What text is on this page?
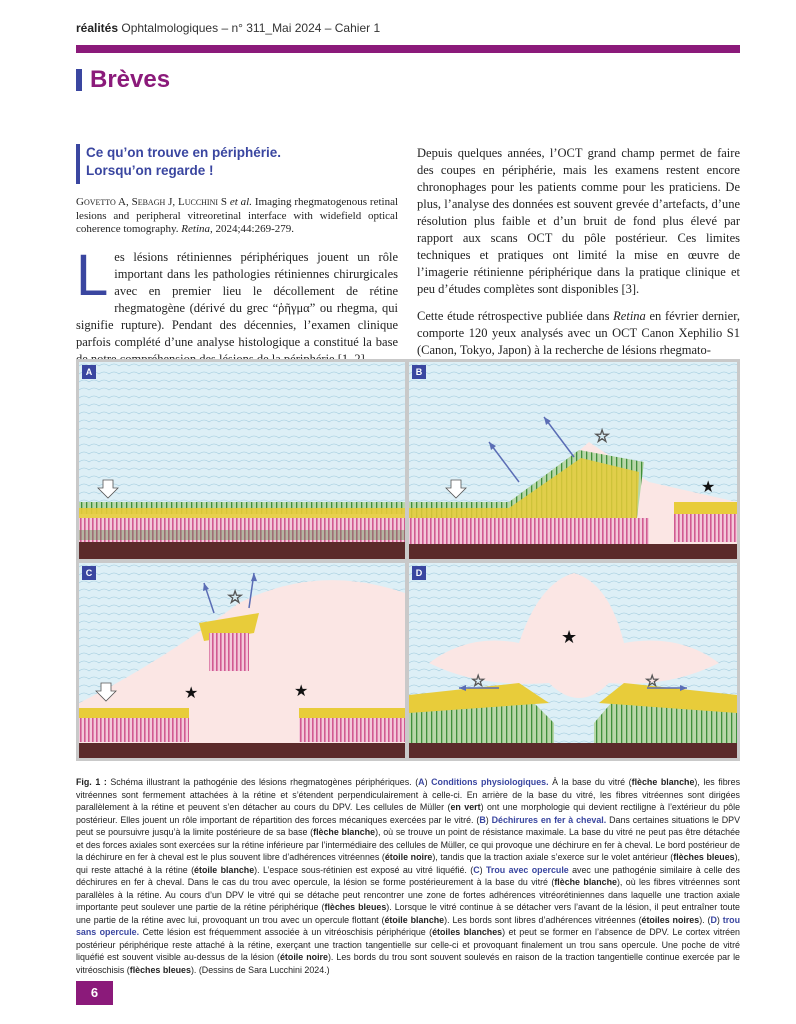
réalités Ophtalmologiques – n° 311_Mai 2024 – Cahier 1
Brèves
Ce qu’on trouve en périphérie.
Lorsqu’on regarde !
Govetto A, Sebagh J, Lucchini S et al. Imaging rhegmatogenous retinal lesions and peripheral vitreoretinal interface with widefield optical coherence tomography. Retina, 2024;44:269-279.
Les lésions rétiniennes périphériques jouent un rôle important dans les pathologies rétiniennes chirurgicales avec en premier lieu le décollement de rétine rhegmatogène (dérivé du grec “ῥῆγμα” ou rhegma, qui signifie rupture). Pendant des décennies, l’examen clinique parfois complété d’une analyse histologique a constitué la base

Depuis quelques années, l’OCT grand champ permet de faire des coupes en périphérie, mais les examens restent encore chronophages pour les patients comme pour les praticiens. De plus, l’analyse des données est souvent grevée d’artefacts, d’une résolution plus faible et d’un bruit de fond plus élevé par rapport aux scans OCT du pôle postérieur. Ces limites techniques et pratiques ont limité la mise en œuvre de l’imagerie rétinienne périphérique dans la pratique clinique et peu d’études complètes sont disponibles [3].

Cette étude rétrospective publiée dans Retina en février dernier, comporte 120 yeux analysés avec un OCT Canon Xephilio S1 (Canon, Tokyo, Japon) à la recherche de lésions rhegmato-

A
☆
★
B
☆
★	★
C
★
☆	☆
D
Fig. 1 : Schéma illustrant la pathogénie des lésions rhegmatogènes périphériques. (A) Conditions physiologiques. À la base du vitré (flèche blanche), les fibres vitréennes sont fermement attachées à la rétine et s’étendent perpendiculairement à celle-ci. En arrière de la base du vitré, les fibres vitréennes sont dirigées parallèlement à la rétine et peuvent s’en détacher au cours du DPV. Les cellules de Müller (en vert) ont une morphologie qui devient rectiligne à l’extérieur du pôle postérieur. Elles jouent un rôle important de répartition des forces mécaniques exercées par le vitré. (B) Déchirures en fer à cheval. Dans certaines situations le DPV peut se poursuivre jusqu’à la limite postérieure de sa base (flèche blanche), où se trouve un point de résistance maximale. La base du vitré ne peut pas être détachée et des forces axiales sont exercées sur la rétine inférieure par l’intermédiaire des cellules de Müller, ce qui provoque une déchirure en fer à cheval. Le bord postérieur de la déchirure en fer à cheval est le plus souvent libre d’adhérences vitréennes (étoile noire), tandis que la traction axiale s’exerce sur le volet antérieur (flèches bleues), qui reste attaché à la rétine (étoile blanche). L’espace sous-rétinien est exposé au vitré liquéfié. (C) Trou avec opercule avec une pathogénie similaire à celle des déchirures en fer à cheval. Dans le cas du trou avec opercule, la lésion se forme postérieurement à la base du vitré (flèche blanche), où les fibres vitréennes sont parallèles à la rétine. Au cours d’un DPV le vitré qui se détache peut rencontrer une zone de fortes adhérences vitréorétiniennes dans laquelle une traction axiale importante peut soulever une partie de la rétine périphérique (flèches bleues). Lorsque le vitré continue à se détacher vers l’avant de la lésion, il peut entraîner toute une partie de la rétine avec lui, provoquant un trou avec un opercule flottant (étoile blanche). Les bords sont libres d’adhérences vitréennes (étoiles noires). (D) trou sans opercule. Cette lésion est fréquemment associée à un vitréoschisis périphérique (étoiles blanches) et peut se former en l’absence de DPV. Le cortex vitréen postérieur périphérique reste attaché à la rétine, exerçant une traction tangentielle sur celle-ci et provoquant finalement un trou sans opercule. Une poche de vitré liquéfié est souvent visible au-dessus de la lésion (étoile noire). Les bords du trou sont souvent soulevés en raison de la traction tangentielle continue exercée par le vitréoschisis (flèches bleues). (Dessins de Sara Lucchini 2024.)
6
